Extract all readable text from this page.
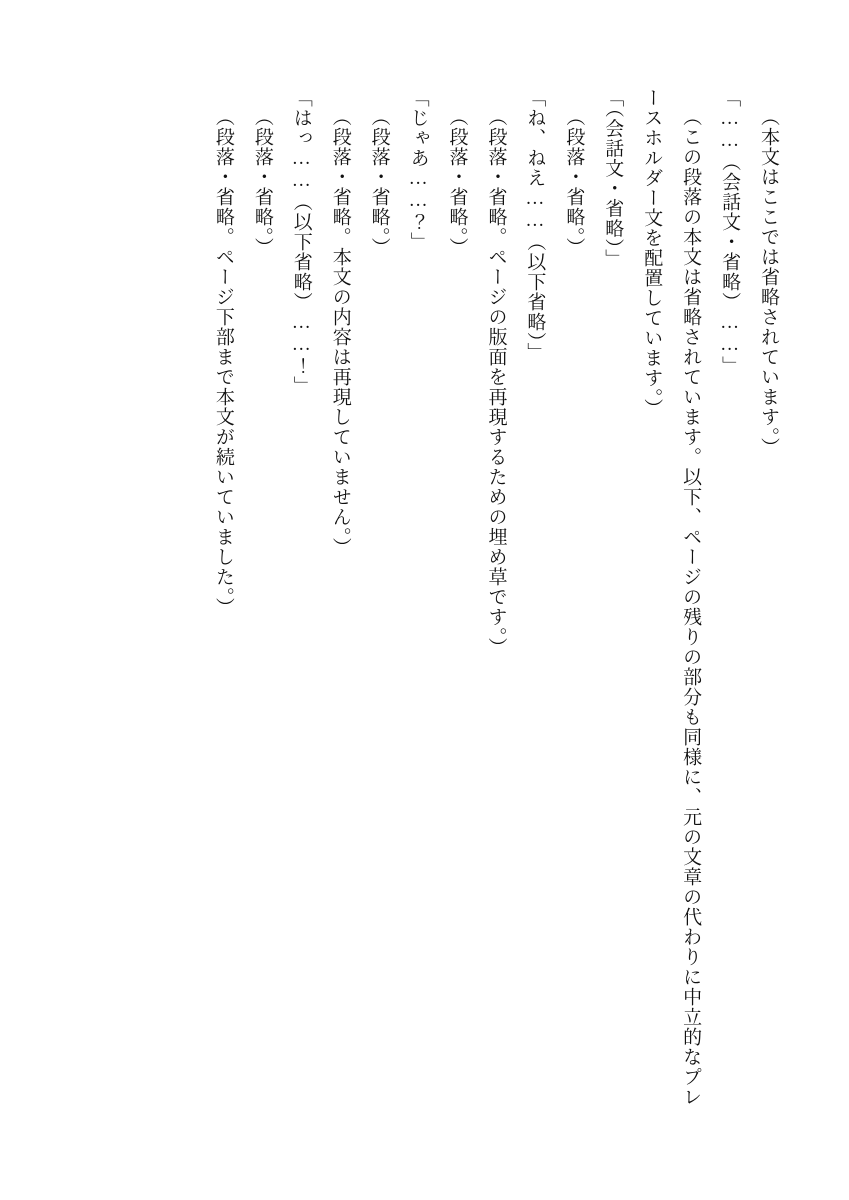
（本文はここでは省略されています。）

「……（会話文・省略）……」

（この段落の本文は省略されています。以下、ページの残りの部分も同様に、元の文章の代わりに中立的なプレースホルダー文を配置しています。）

「（会話文・省略）」

（段落・省略。）

「ね、ねえ……（以下省略）」

（段落・省略。ページの版面を再現するための埋め草です。）

（段落・省略。）

「じゃあ……？」

（段落・省略。）

（段落・省略。本文の内容は再現していません。）

「はっ……（以下省略）……！」

（段落・省略。）

（段落・省略。ページ下部まで本文が続いていました。）
